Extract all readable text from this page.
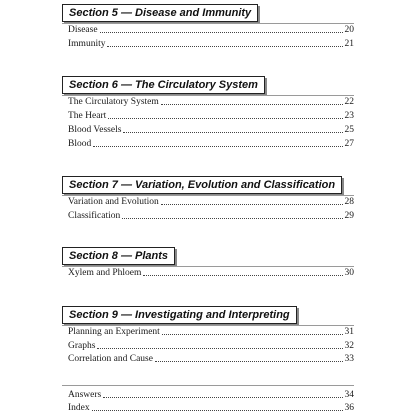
Section 5 — Disease and Immunity
Disease	20
Immunity	21
Section 6 — The Circulatory System
The Circulatory System	22
The Heart	23
Blood Vessels	25
Blood	27
Section 7 — Variation, Evolution and Classification
Variation and Evolution	28
Classification	29
Section 8 — Plants
Xylem and Phloem	30
Section 9 — Investigating and Interpreting
Planning an Experiment	31
Graphs	32
Correlation and Cause	33
Answers	34
Index	36
